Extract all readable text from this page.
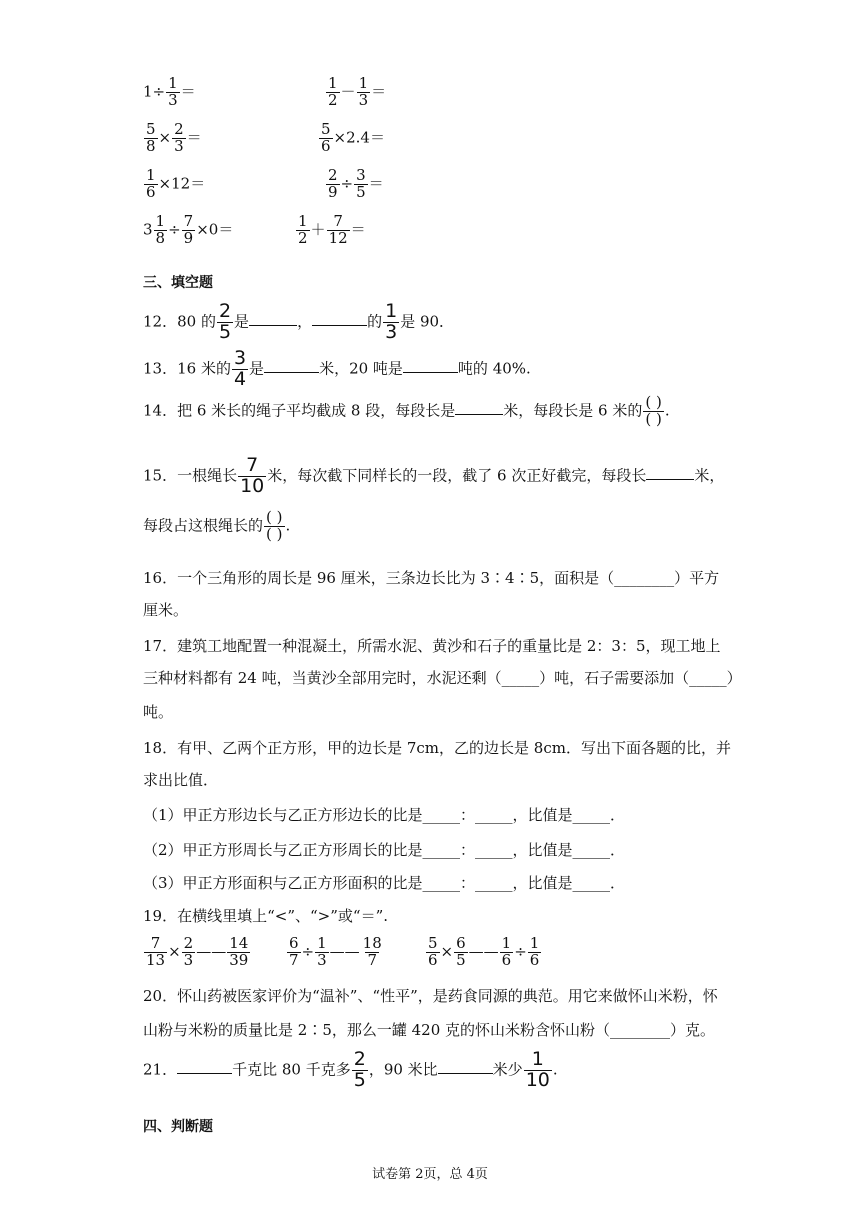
$1\div \frac{1}{3}$ ＝	$\frac{1}{2} - \frac{1}{3}$ ＝
$\frac{5}{8} \times \frac{2}{3}$ ＝	$\frac{5}{6} \times 2.4=$
$\frac{1}{6} \times 12=$	$\frac{2}{9} \div \frac{3}{5}$ ＝
$3 \frac{1}{8} \div \frac{7}{9} \times 0=$	$\frac{1}{2} + \frac{7}{12}$ ＝
三、填空题
12．80 的 $\frac{2}{5}$ 是	，	的 $\frac{1}{3}$ 是 90．
13．16 米的 $\frac{3}{4}$ 是	米，20 吨是	吨的 40%.
14．把 6 米长的绳子平均截成 8 段，每段长是	米，每段长是 6 米的 $\frac{( )}{( )}$ .
15．一根绳长 $\frac{7}{10}$ 米，每次截下同样长的一段，截了 6 次正好截完，每段长	米，
每段占这根绳长的 $\frac{( )}{( )}$ .
16．一个三角形的周长是 96 厘米，三条边长比为 3∶4∶5，面积是（________）平方
厘米。
17．建筑工地配置一种混凝土，所需水泥、黄沙和石子的重量比是 2：3：5，现工地上
三种材料都有 24 吨，当黄沙全部用完时，水泥还剩（_____）吨，石子需要添加（_____）
吨。
18．有甲、乙两个正方形，甲的边长是 7cm，乙的边长是 8cm．写出下面各题的比，并
求出比值．
（1）甲正方形边长与乙正方形边长的比是_____：_____，比值是_____．
（2）甲正方形周长与乙正方形周长的比是_____：_____，比值是_____．
（3）甲正方形面积与乙正方形面积的比是_____：_____，比值是_____．
19．在横线里填上“<”、“>”或“＝”.
$\frac{7}{13} \times \frac{2}{3}$ —— $\frac{14}{39} \frac{6}{7} \div \frac{1}{3}$ —— $\frac{18}{7}$	$\frac{5}{6} \times \frac{6}{5}$ —— $\frac{1}{6} \div \frac{1}{6}$
20．怀山药被医家评价为“温补”、“性平”，是药食同源的典范。用它来做怀山米粉，怀
山粉与米粉的质量比是 2∶5，那么一罐 420 克的怀山米粉含怀山粉（________）克。
21．	千克比 80 千克多 $\frac{2}{5}$ ，90 米比	米少 $\frac{1}{10}$ .
四、判断题
试卷第 2页，总 4页
